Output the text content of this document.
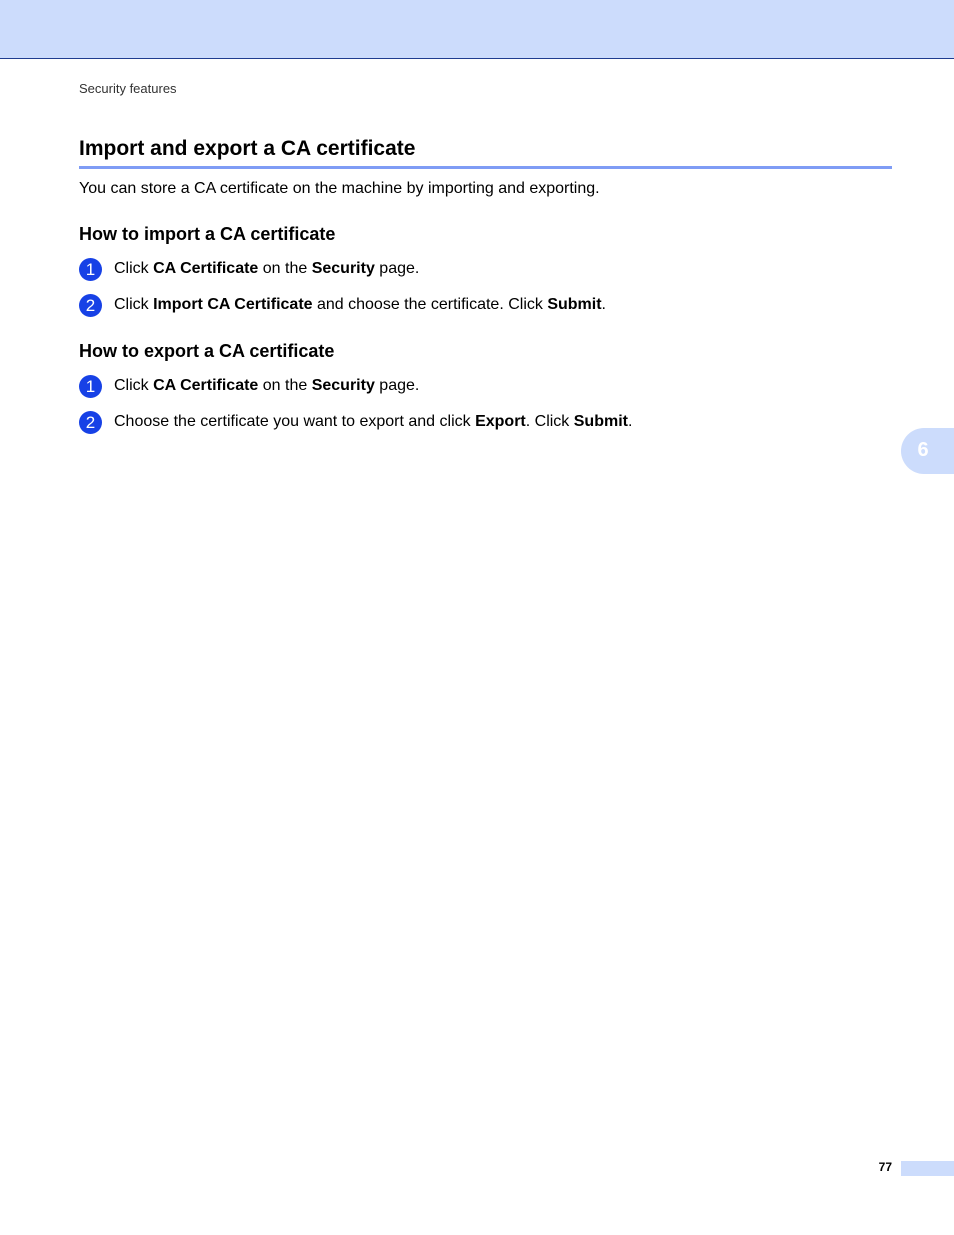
Security features
Import and export a CA certificate

You can store a CA certificate on the machine by importing and exporting.

How to import a CA certificate
1	Click CA Certificate on the Security page.
2	Click Import CA Certificate and choose the certificate. Click Submit.
How to export a CA certificate
1	Click CA Certificate on the Security page.
2	Choose the certificate you want to export and click Export. Click Submit.
6
77
